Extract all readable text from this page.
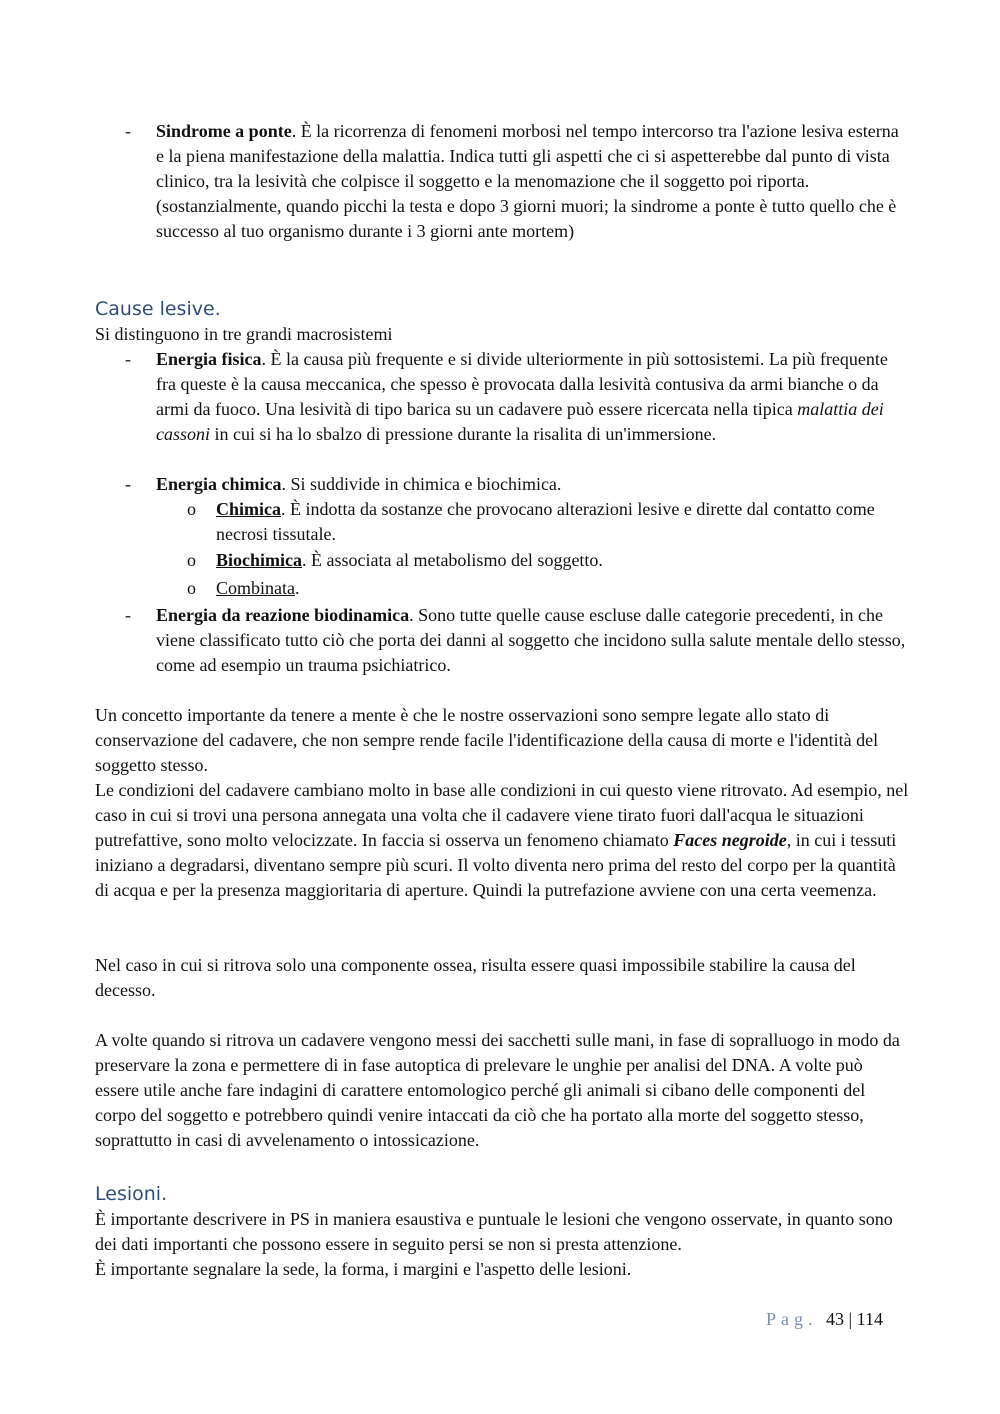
- Sindrome a ponte. È la ricorrenza di fenomeni morbosi nel tempo intercorso tra l'azione lesiva esterna e la piena manifestazione della malattia. Indica tutti gli aspetti che ci si aspetterebbe dal punto di vista clinico, tra la lesività che colpisce il soggetto e la menomazione che il soggetto poi riporta. (sostanzialmente, quando picchi la testa e dopo 3 giorni muori; la sindrome a ponte è tutto quello che è successo al tuo organismo durante i 3 giorni ante mortem)
Cause lesive.

Si distinguono in tre grandi macrosistemi

- Energia fisica. È la causa più frequente e si divide ulteriormente in più sottosistemi. La più frequente fra queste è la causa meccanica, che spesso è provocata dalla lesività contusiva da armi bianche o da armi da fuoco. Una lesività di tipo barica su un cadavere può essere ricercata nella tipica malattia dei cassoni in cui si ha lo sbalzo di pressione durante la risalita di un'immersione.
- Energia chimica. Si suddivide in chimica e biochimica.
o Chimica. È indotta da sostanze che provocano alterazioni lesive e dirette dal contatto come necrosi tissutale.
o Biochimica. È associata al metabolismo del soggetto.
o Combinata.
- Energia da reazione biodinamica. Sono tutte quelle cause escluse dalle categorie precedenti, in che viene classificato tutto ciò che porta dei danni al soggetto che incidono sulla salute mentale dello stesso, come ad esempio un trauma psichiatrico.

Un concetto importante da tenere a mente è che le nostre osservazioni sono sempre legate allo stato di conservazione del cadavere, che non sempre rende facile l'identificazione della causa di morte e l'identità del soggetto stesso.

Le condizioni del cadavere cambiano molto in base alle condizioni in cui questo viene ritrovato. Ad esempio, nel caso in cui si trovi una persona annegata una volta che il cadavere viene tirato fuori dall'acqua le situazioni putrefattive, sono molto velocizzate. In faccia si osserva un fenomeno chiamato Faces negroide, in cui i tessuti iniziano a degradarsi, diventano sempre più scuri. Il volto diventa nero prima del resto del corpo per la quantità di acqua e per la presenza maggioritaria di aperture. Quindi la putrefazione avviene con una certa veemenza.

Nel caso in cui si ritrova solo una componente ossea, risulta essere quasi impossibile stabilire la causa del decesso.

A volte quando si ritrova un cadavere vengono messi dei sacchetti sulle mani, in fase di sopralluogo in modo da preservare la zona e permettere di in fase autoptica di prelevare le unghie per analisi del DNA. A volte può essere utile anche fare indagini di carattere entomologico perché gli animali si cibano delle componenti del corpo del soggetto e potrebbero quindi venire intaccati da ciò che ha portato alla morte del soggetto stesso, soprattutto in casi di avvelenamento o intossicazione.

Lesioni.

È importante descrivere in PS in maniera esaustiva e puntuale le lesioni che vengono osservate, in quanto sono dei dati importanti che possono essere in seguito persi se non si presta attenzione.

È importante segnalare la sede, la forma, i margini e l'aspetto delle lesioni.

Pag. 43 | 114
